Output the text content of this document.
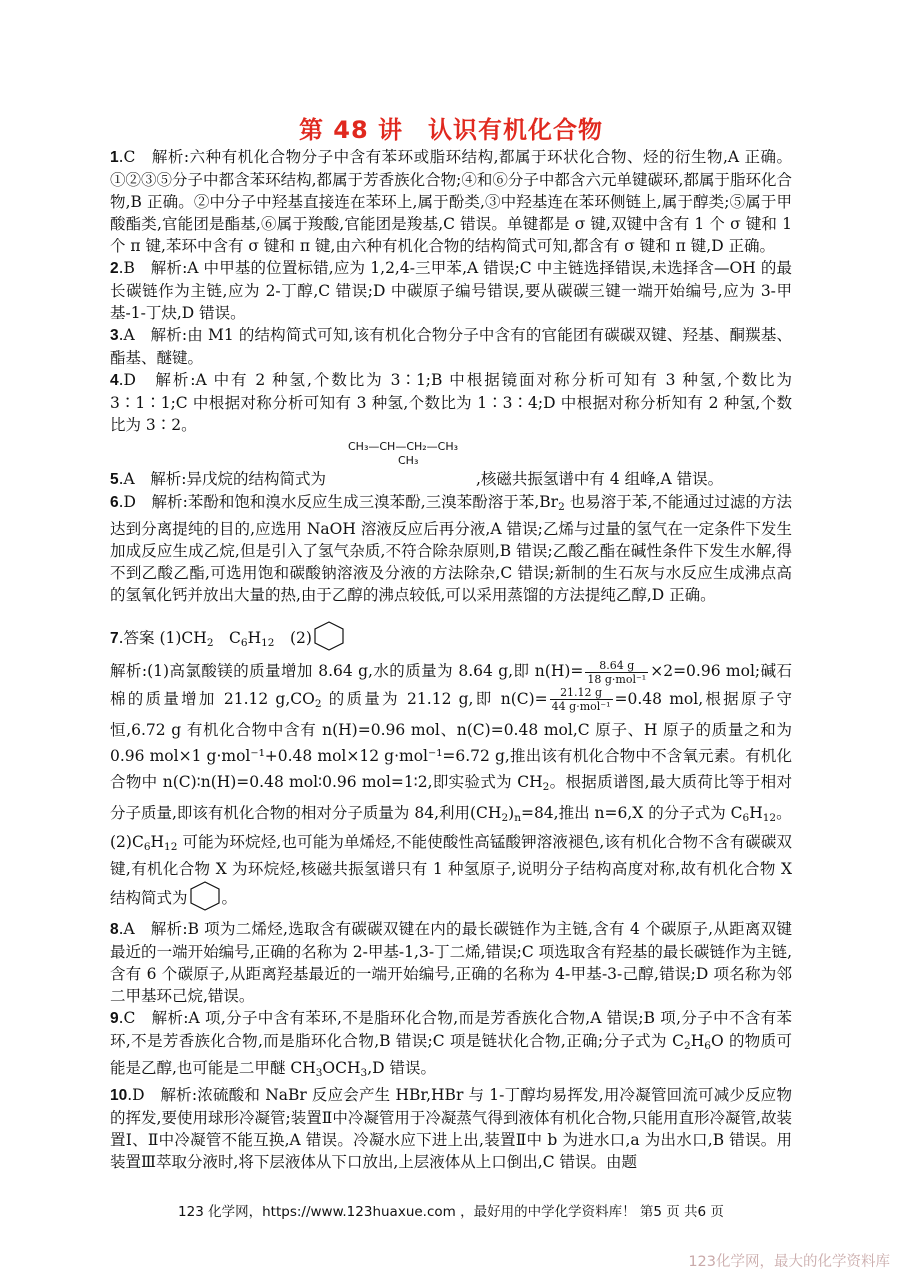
第 48 讲　认识有机化合物

1.C　解析:六种有机化合物分子中含有苯环或脂环结构,都属于环状化合物、烃的衍生物,A 正确。①②③⑤分子中都含苯环结构,都属于芳香族化合物;④和⑥分子中都含六元单键碳环,都属于脂环化合物,B 正确。②中分子中羟基直接连在苯环上,属于酚类,③中羟基连在苯环侧链上,属于醇类;⑤属于甲酸酯类,官能团是酯基,⑥属于羧酸,官能团是羧基,C 错误。单键都是 σ 键,双键中含有 1 个 σ 键和 1 个 π 键,苯环中含有 σ 键和 π 键,由六种有机化合物的结构简式可知,都含有 σ 键和 π 键,D 正确。

2.B　解析:A 中甲基的位置标错,应为 1,2,4-三甲苯,A 错误;C 中主链选择错误,未选择含—OH 的最长碳链作为主链,应为 2-丁醇,C 错误;D 中碳原子编号错误,要从碳碳三键一端开始编号,应为 3-甲基-1-丁炔,D 错误。

3.A　解析:由 M1 的结构简式可知,该有机化合物分子中含有的官能团有碳碳双键、羟基、酮羰基、酯基、醚键。

4.D　解析:A 中有 2 种氢,个数比为 3∶1;B 中根据镜面对称分析可知有 3 种氢,个数比为 3∶1∶1;C 中根据对称分析可知有 3 种氢,个数比为 1∶3∶4;D 中根据对称分析知有 2 种氢,个数比为 3∶2。

CH₃—CH—CH₂—CH₃
CH₃

5.A　解析:异戊烷的结构简式为	,核磁共振氢谱中有 4 组峰,A 错误。

6.D　解析:苯酚和饱和溴水反应生成三溴苯酚,三溴苯酚溶于苯$,Br_2$ 也易溶于苯,不能通过过滤的方法达到分离提纯的目的,应选用 NaOH 溶液反应后再分液,A 错误;乙烯与过量的氢气在一定条件下发生加成反应生成乙烷,但是引入了氢气杂质,不符合除杂原则,B 错误;乙酸乙酯在碱性条件下发生水解,得不到乙酸乙酯,可选用饱和碳酸钠溶液及分液的方法除杂,C 错误;新制的生石灰与水反应生成沸点高的氢氧化钙并放出大量的热,由于乙醇的沸点较低,可以采用蒸馏的方法提纯乙醇,D 正确。

7.答案 $(1)CH_2$　$C_6H_{12}$　(2)

解析:(1)高氯酸镁的质量增加 8.64 g,水的质量为 8.64 g,即 $n(H)= \frac{8.64 g}{\text{18 g·mol⁻¹}} \times 2=0.96$ mol;碱石棉的质量增加 21.12 $g,CO_2$ 的质量为 21.12 g,即 $n(C)= \frac{21.12 g}{\text{44 g·mol⁻¹}} =0.48$ mol,根据原子守恒,6.72 g 有机化合物中含有 n(H)=0.96 mol、n(C)=0.48 mol,C 原子、H 原子的质量之和为 0.96 mol×1 g·mol⁻¹+0.48 mol×12 g·mol⁻¹=6.72 g,推出该有机化合物中不含氧元素。有机化合物中 n(C)∶n(H)=0.48 mol∶0.96 mol=1∶2,即实验式为 $CH_2$。根据质谱图,最大质荷比等于相对分子质量,即该有机化合物的相对分子质量为 84,利用$(CH_2)_n=84$,推出 n=6,X 的分子式为 $C_6H_{12}$。

$(2)C_6H_{12}$ 可能为环烷烃,也可能为单烯烃,不能使酸性高锰酸钾溶液褪色,该有机化合物不含有碳碳双键,有机化合物 X 为环烷烃,核磁共振氢谱只有 1 种氢原子,说明分子结构高度对称,故有机化合物 X 结构简式为 。

8.A　解析:B 项为二烯烃,选取含有碳碳双键在内的最长碳链作为主链,含有 4 个碳原子,从距离双键最近的一端开始编号,正确的名称为 2-甲基-1,3-丁二烯,错误;C 项选取含有羟基的最长碳链作为主链,含有 6 个碳原子,从距离羟基最近的一端开始编号,正确的名称为 4-甲基-3-己醇,错误;D 项名称为邻二甲基环己烷,错误。

9.C　解析:A 项,分子中含有苯环,不是脂环化合物,而是芳香族化合物,A 错误;B 项,分子中不含有苯环,不是芳香族化合物,而是脂环化合物,B 错误;C 项是链状化合物,正确;分子式为 $C_2H_6O$ 的物质可能是乙醇,也可能是二甲醚 $CH_3OCH_3,D$ 错误。

10.D　解析:浓硫酸和 NaBr 反应会产生 HBr,HBr 与 1-丁醇均易挥发,用冷凝管回流可减少反应物的挥发,要使用球形冷凝管;装置Ⅱ中冷凝管用于冷凝蒸气得到液体有机化合物,只能用直形冷凝管,故装置Ⅰ、Ⅱ中冷凝管不能互换,A 错误。冷凝水应下进上出,装置Ⅱ中 b 为进水口,a 为出水口,B 错误。用装置Ⅲ萃取分液时,将下层液体从下口放出,上层液体从上口倒出,C 错误。由题

123 化学网，https://www.123huaxue.com ，最好用的中学化学资料库！ 第5 页 共6 页
123化学网，最大的化学资料库
